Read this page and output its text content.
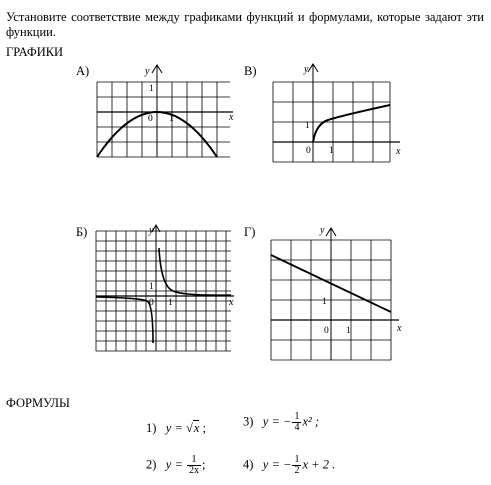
Установите соответствие между графиками функций и формулами, которые задают эти функции.
ГРАФИКИ
А)	y
x
1
0 1
В)	y
x
1
0 1
Б)	y
x
1
0 1
Г)	y
x
1
0 1
ФОРМУЛЫ
1) y = √x ;	3) y = − $\frac{1}{4} x^2$ ;
2) $y = \frac{1}{2x}$ ;	4) y = − $\frac{1}{2}$ x + 2 .
